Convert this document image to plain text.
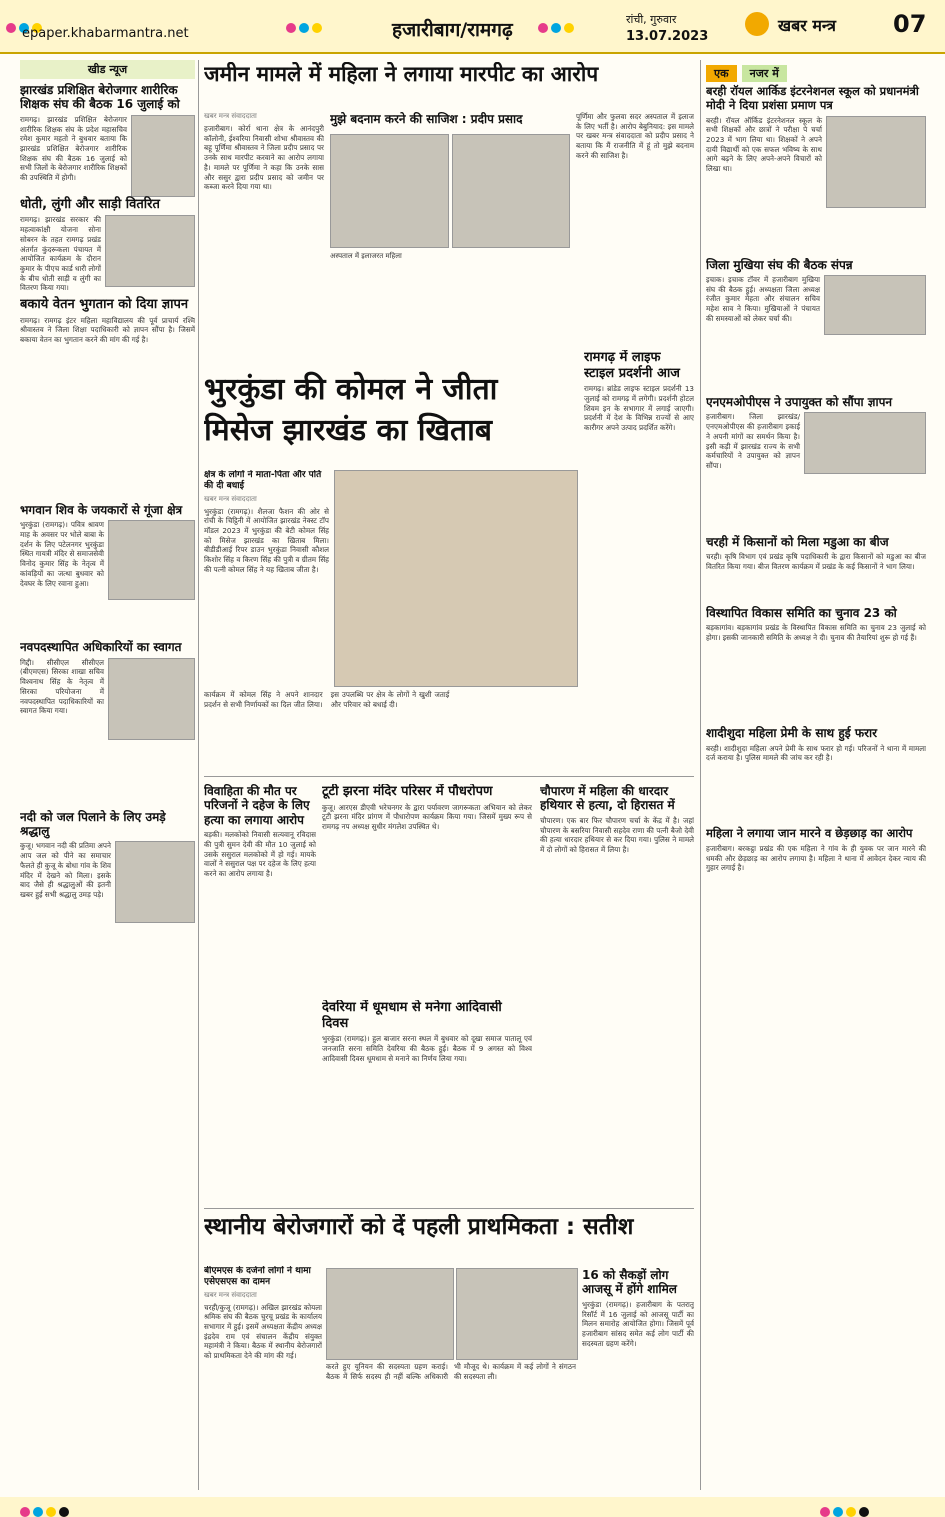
epaper.khabarmantra.net	हजारीबाग/रामगढ़	रांची, गुरुवार
13.07.2023
खबर मन्त्र 07
खीड न्यूज
झारखंड प्रशिक्षित बेरोजगार शारीरिक शिक्षक संघ की बैठक 16 जुलाई को
रामगढ़। झारखंड प्रशिक्षित बेरोजगार शारीरिक शिक्षक संघ के प्रदेश महासचिव रमेश कुमार महतो ने बुधवार बताया कि झारखंड प्रशिक्षित बेरोजगार शारीरिक शिक्षक संघ की बैठक 16 जुलाई को सभी जिलों के बेरोजगार शारीरिक शिक्षकों की उपस्थिति में होगी।
धोती, लुंगी और साड़ी वितरित
रामगढ़। झारखंड सरकार की महत्वाकांक्षी योजना सोना सोबरन के तहत रामगढ़ प्रखंड अंतर्गत कुंदरूकला पंचायत में आयोजित कार्यक्रम के दौरान कुमार के पीएच कार्ड धारी लोगों के बीच धोती साड़ी व लुंगी का वितरण किया गया।
बकाये वेतन भुगतान को दिया ज्ञापन
रामगढ़। रामगढ़ इंटर महिला महाविद्यालय की पूर्व प्राचार्य रश्मि श्रीवास्तव ने जिला शिक्षा पदाधिकारी को ज्ञापन सौंपा है। जिसमें बकाया वेतन का भुगतान करने की मांग की गई है।
भगवान शिव के जयकारों से गूंजा क्षेत्र
भुरकुंडा (रामगढ़)। पवित्र श्रावण माह के अवसर पर भोले बाबा के दर्शन के लिए पटेलनगर भुरकुंडा स्थित गायत्री मंदिर से समाजसेवी विनोद कुमार सिंह के नेतृत्व में कांवड़ियों का जत्था बुधवार को देवघर के लिए रवाना हुआ।
नवपदस्थापित अधिकारियों का स्वागत
गिद्दी। सीसीएल सीसीएल (बीएमएस) सिरका शाखा सचिव विश्वनाथ सिंह के नेतृत्व में सिरका परियोजना में नवपदस्थापित पदाधिकारियों का स्वागत किया गया।
नदी को जल पिलाने के लिए उमड़े श्रद्धालु
कुजू। भगवान नदी की प्रतिमा अपने आप जल को पीने का समाचार फैलते ही कुजू के बोधा गांव के शिव मंदिर में देखने को मिला। इसके बाद जैसे ही श्रद्धालुओं की इतनी खबर हुई सभी श्रद्धालु उमड़ पड़े।
जमीन मामले में महिला ने लगाया मारपीट का आरोप
खबर मन्त्र संवाददाता
हजारीबाग। कोर्रा थाना क्षेत्र के आनंदपुरी कॉलोनी, ईश्वरिया निवासी शोभा श्रीवास्तव की बहू पूर्णिमा श्रीवास्तव ने जिला प्रदीप प्रसाद पर उनके साथ मारपीट करवाने का आरोप लगाया है। मामले पर पूर्णिमा ने कहा कि उनके सास और ससुर द्वारा प्रदीप प्रसाद को जमीन पर कब्जा करने दिया गया था।
मुझे बदनाम करने की साजिश : प्रदीप प्रसाद
अस्पताल में इलाजरत महिला
पूर्णिमा और फुलवा सदर अस्पताल में इलाज के लिए भर्ती है। आरोप बेबुनियाद: इस मामले पर खबर मन्त्र संवाददाता को प्रदीप प्रसाद ने बताया कि मैं राजनीति में हूं तो मुझे बदनाम करने की साजिश है।
भुरकुंडा की कोमल ने जीता मिसेज झारखंड का खिताब
क्षेत्र के लोगों ने माता-पिता और पति की दी बधाई
खबर मन्त्र संवाददाता
भुरकुंडा (रामगढ़)। शैलजा फैशन की ओर से रांची के चिट्ठिनी में आयोजित झारखंड नेक्स्ट टॉप मॉडल 2023 में भुरकुंडा की बेटी कोमल सिंह को मिसेज झारखंड का खिताब मिला। बीडीडीआई रिपर डाउन भुरकुंडा निवासी कौशल किशोर सिंह व किरण सिंह की पुत्री व ग्रीतम सिंह की पत्नी कोमल सिंह ने यह खिताब जीता है।
कार्यक्रम में कोमल सिंह ने अपने शानदार प्रदर्शन से सभी निर्णायकों का दिल जीत लिया। इस उपलब्धि पर क्षेत्र के लोगों ने खुशी जताई और परिवार को बधाई दी।
रामगढ़ में लाइफ स्टाइल प्रदर्शनी आज
रामगढ़। ब्रांडेड लाइफ स्टाइल प्रदर्शनी 13 जुलाई को रामगढ़ में लगेगी। प्रदर्शनी होटल शिवम इन के सभागार में लगाई जाएगी। प्रदर्शनी में देश के विभिन्न राज्यों से आए कारीगर अपने उत्पाद प्रदर्शित करेंगे।
विवाहिता की मौत पर परिजनों ने दहेज के लिए हत्या का लगाया आरोप
बड़की। मलकोको निवासी सत्यवानू रविदास की पुत्री सुमन देवी की मौत 10 जुलाई को उसके ससुराल मलकोको में हो गई। मायके वालों ने ससुराल पक्ष पर दहेज के लिए हत्या करने का आरोप लगाया है।
टूटी झरना मंदिर परिसर में पौधरोपण
कुजू। आरएस डीएवी भरेचनगर के द्वारा पर्यावरण जागरूकता अभियान को लेकर टूटी झरना मंदिर प्रांगण में पौधारोपण कार्यक्रम किया गया। जिसमें मुख्य रूप से रामगढ़ नप अध्यक्ष सुधीर मंगलेश उपस्थित थे।
देवरिया में धूमधाम से मनेगा आदिवासी दिवस
भुरकुंडा (रामगढ़)। हुल बाजार सरना स्थल में बुधवार को दूखा समाज पातालू एवं जनजाति सरना समिति देवरिया की बैठक हुई। बैठक में 9 अगस्त को विश्व आदिवासी दिवस धूमधाम से मनाने का निर्णय लिया गया।
चौपारण में महिला की धारदार हथियार से हत्या, दो हिरासत में
चौपारण। एक बार फिर चौपारण चर्चा के केंद्र में है। जहां चौपारण के बसरिया निवासी सहदेव राणा की पत्नी बैजो देवी की हत्या धारदार हथियार से कर दिया गया। पुलिस ने मामले में दो लोगों को हिरासत में लिया है।
स्थानीय बेरोजगारों को दें पहली प्राथमिकता : सतीश
बीएमएस के दर्जनों लोगों ने थामा एसेएसएस का दामन
खबर मन्त्र संवाददाता
चरही/कुजू (रामगढ़)। अखिल झारखंड कोयला श्रमिक संघ की बैठक चुरचू प्रखंड के कार्यालय सभागार में हुई। इसमें अध्यक्षता केंद्रीय अध्यक्ष इंद्रदेव राम एवं संचालन केंद्रीय संयुक्त महामंत्री ने किया। बैठक में स्थानीय बेरोजगारों को प्राथमिकता देने की मांग की गई।
करते हुए यूनियन की सदस्यता ग्रहण कराई। बैठक में सिर्फ सदस्य ही नहीं बल्कि अधिकारी भी मौजूद थे। कार्यक्रम में कई लोगों ने संगठन की सदस्यता ली।
16 को सैकड़ों लोग आजसू में होंगे शामिल
भुरकुंडा (रामगढ़)। हजारीबाग के पतरातू रिसॉर्ट में 16 जुलाई को आजसू पार्टी का मिलन समारोह आयोजित होगा। जिसमें पूर्व हजारीबाग सांसद समेत कई लोग पार्टी की सदस्यता ग्रहण करेंगे।
एक नजर में
बरही रॉयल आर्किड इंटरनेशनल स्कूल को प्रधानमंत्री मोदी ने दिया प्रशंसा प्रमाण पत्र
बरही। रॉयल ऑर्किड इंटरनेशनल स्कूल के सभी शिक्षकों और छात्रों ने परीक्षा पे चर्चा 2023 में भाग लिया था। शिक्षकों ने अपने दायी विद्यार्थी को एक सफल भविष्य के साथ आगे बढ़ने के लिए अपने-अपने विचारों को लिखा था।
जिला मुखिया संघ की बैठक संपन्न
इचाक। इचाक टॉवर में हजारीबाग मुखिया संघ की बैठक हुई। अध्यक्षता जिला अध्यक्ष रंजीत कुमार मेहता और संचालन सचिव महेश साव ने किया। मुखियाओं ने पंचायत की समस्याओं को लेकर चर्चा की।
एनएमओपीएस ने उपायुक्त को सौंपा ज्ञापन
हजारीबाग। जिला झारखंड/ एनएमओपीएस की हजारीबाग इकाई ने अपनी मांगों का समर्थन किया है। इसी कड़ी में झारखंड राज्य के सभी कर्मचारियों ने उपायुक्त को ज्ञापन सौंपा।
चरही में किसानों को मिला मडुआ का बीज
चरही। कृषि विभाग एवं प्रखंड कृषि पदाधिकारी के द्वारा किसानों को मडुआ का बीज वितरित किया गया। बीज वितरण कार्यक्रम में प्रखंड के कई किसानों ने भाग लिया।
विस्थापित विकास समिति का चुनाव 23 को
बड़कागांव। बड़कागांव प्रखंड के विस्थापित विकास समिति का चुनाव 23 जुलाई को होगा। इसकी जानकारी समिति के अध्यक्ष ने दी। चुनाव की तैयारियां शुरू हो गई हैं।
शादीशुदा महिला प्रेमी के साथ हुई फरार
बरही। शादीशुदा महिला अपने प्रेमी के साथ फरार हो गई। परिजनों ने थाना में मामला दर्ज कराया है। पुलिस मामले की जांच कर रही है।
महिला ने लगाया जान मारने व छेड़छाड़ का आरोप
हजारीबाग। बरकट्ठा प्रखंड की एक महिला ने गांव के ही युवक पर जान मारने की धमकी और छेड़छाड़ का आरोप लगाया है। महिला ने थाना में आवेदन देकर न्याय की गुहार लगाई है।
